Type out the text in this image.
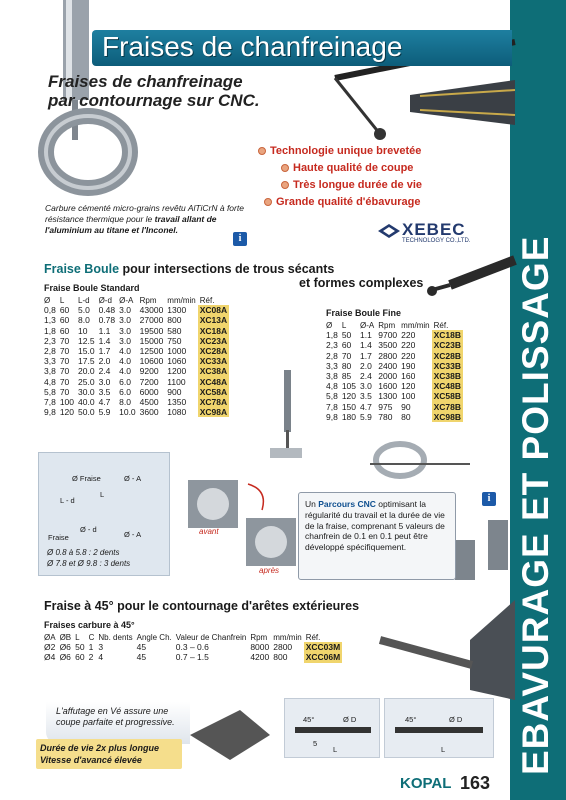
EBAVURAGE ET POLISSAGE
Fraises de chanfreinage
Fraises de chanfreinage
par contournage sur CNC.
Technologie unique brevetée
Haute qualité de coupe
Très longue durée de vie
Grande qualité d'ébavurage
Carbure cémenté micro-grains revêtu AlTiCrN à forte résistance thermique pour le travail allant de l'aluminium au titane et l'Inconel.
i	XEBEC
TECHNOLOGY CO.,LTD.
Fraise Boule pour intersections de trous sécants
et formes complexes
Fraise Boule Standard
Ø	L	L-d	Ø-d	Ø-A	Rpm	mm/min	Réf.
0,8	60	5.0	0.48	3.0	43000	1300	XC08A
1,3	60	8.0	0.78	3.0	27000	800	XC13A
1,8	60	10	1.1	3.0	19500	580	XC18A
2,3	70	12.5	1.4	3.0	15000	750	XC23A
2,8	70	15.0	1.7	4.0	12500	1000	XC28A
3,3	70	17.5	2.0	4.0	10600	1060	XC33A
3,8	70	20.0	2.4	4.0	9200	1200	XC38A
4,8	70	25.0	3.0	6.0	7200	1100	XC48A
5,8	70	30.0	3.5	6.0	6000	900	XC58A
7,8	100	40.0	4.7	8.0	4500	1350	XC78A
9,8	120	50.0	5.9	10.0	3600	1080	XC98A
Fraise Boule Fine
Ø	L	Ø-A	Rpm	mm/min	Réf.
1,8	50	1.1	9700	220	XC18B
2,3	60	1.4	3500	220	XC23B
2,8	70	1.7	2800	220	XC28B
3,3	80	2.0	2400	190	XC33B
3,8	85	2.4	2000	160	XC38B
4,8	105	3.0	1600	120	XC48B
5,8	120	3.5	1300	100	XC58B
7,8	150	4.7	975	90	XC78B
9,8	180	5.9	780	80	XC98B
Ø Fraise	Ø - A
L
L - d
Ø - d
Ø - A
Fraise
Ø 0.8 à 5.8 : 2 dents
Ø 7.8 et Ø 9.8 : 3 dents
avant
après
Un Parcours CNC optimisant la régularité du travail et la durée de vie de la fraise, comprenant 5 valeurs de chanfrein de 0.1 en 0.1 peut être développé spécifiquement.
i
Fraise à 45° pour le contournage d'arêtes extérieures
Fraises carbure à 45°
ØA	ØB	L	C	Nb. dents	Angle Ch.	Valeur de Chanfrein	Rpm	mm/min	Réf.
Ø2	Ø6	50	1	3	45	0.3 – 0.6	8000	2800	XCC03M
Ø4	Ø6	60	2	4	45	0.7 – 1.5	4200	800	XCC06M
L'affutage en Vé assure une coupe parfaite et progressive.
Durée de vie 2x plus longue
Vitesse d'avancé élevée
45°	Ø D
L
5
45°	Ø D
L
KOPAL 163
